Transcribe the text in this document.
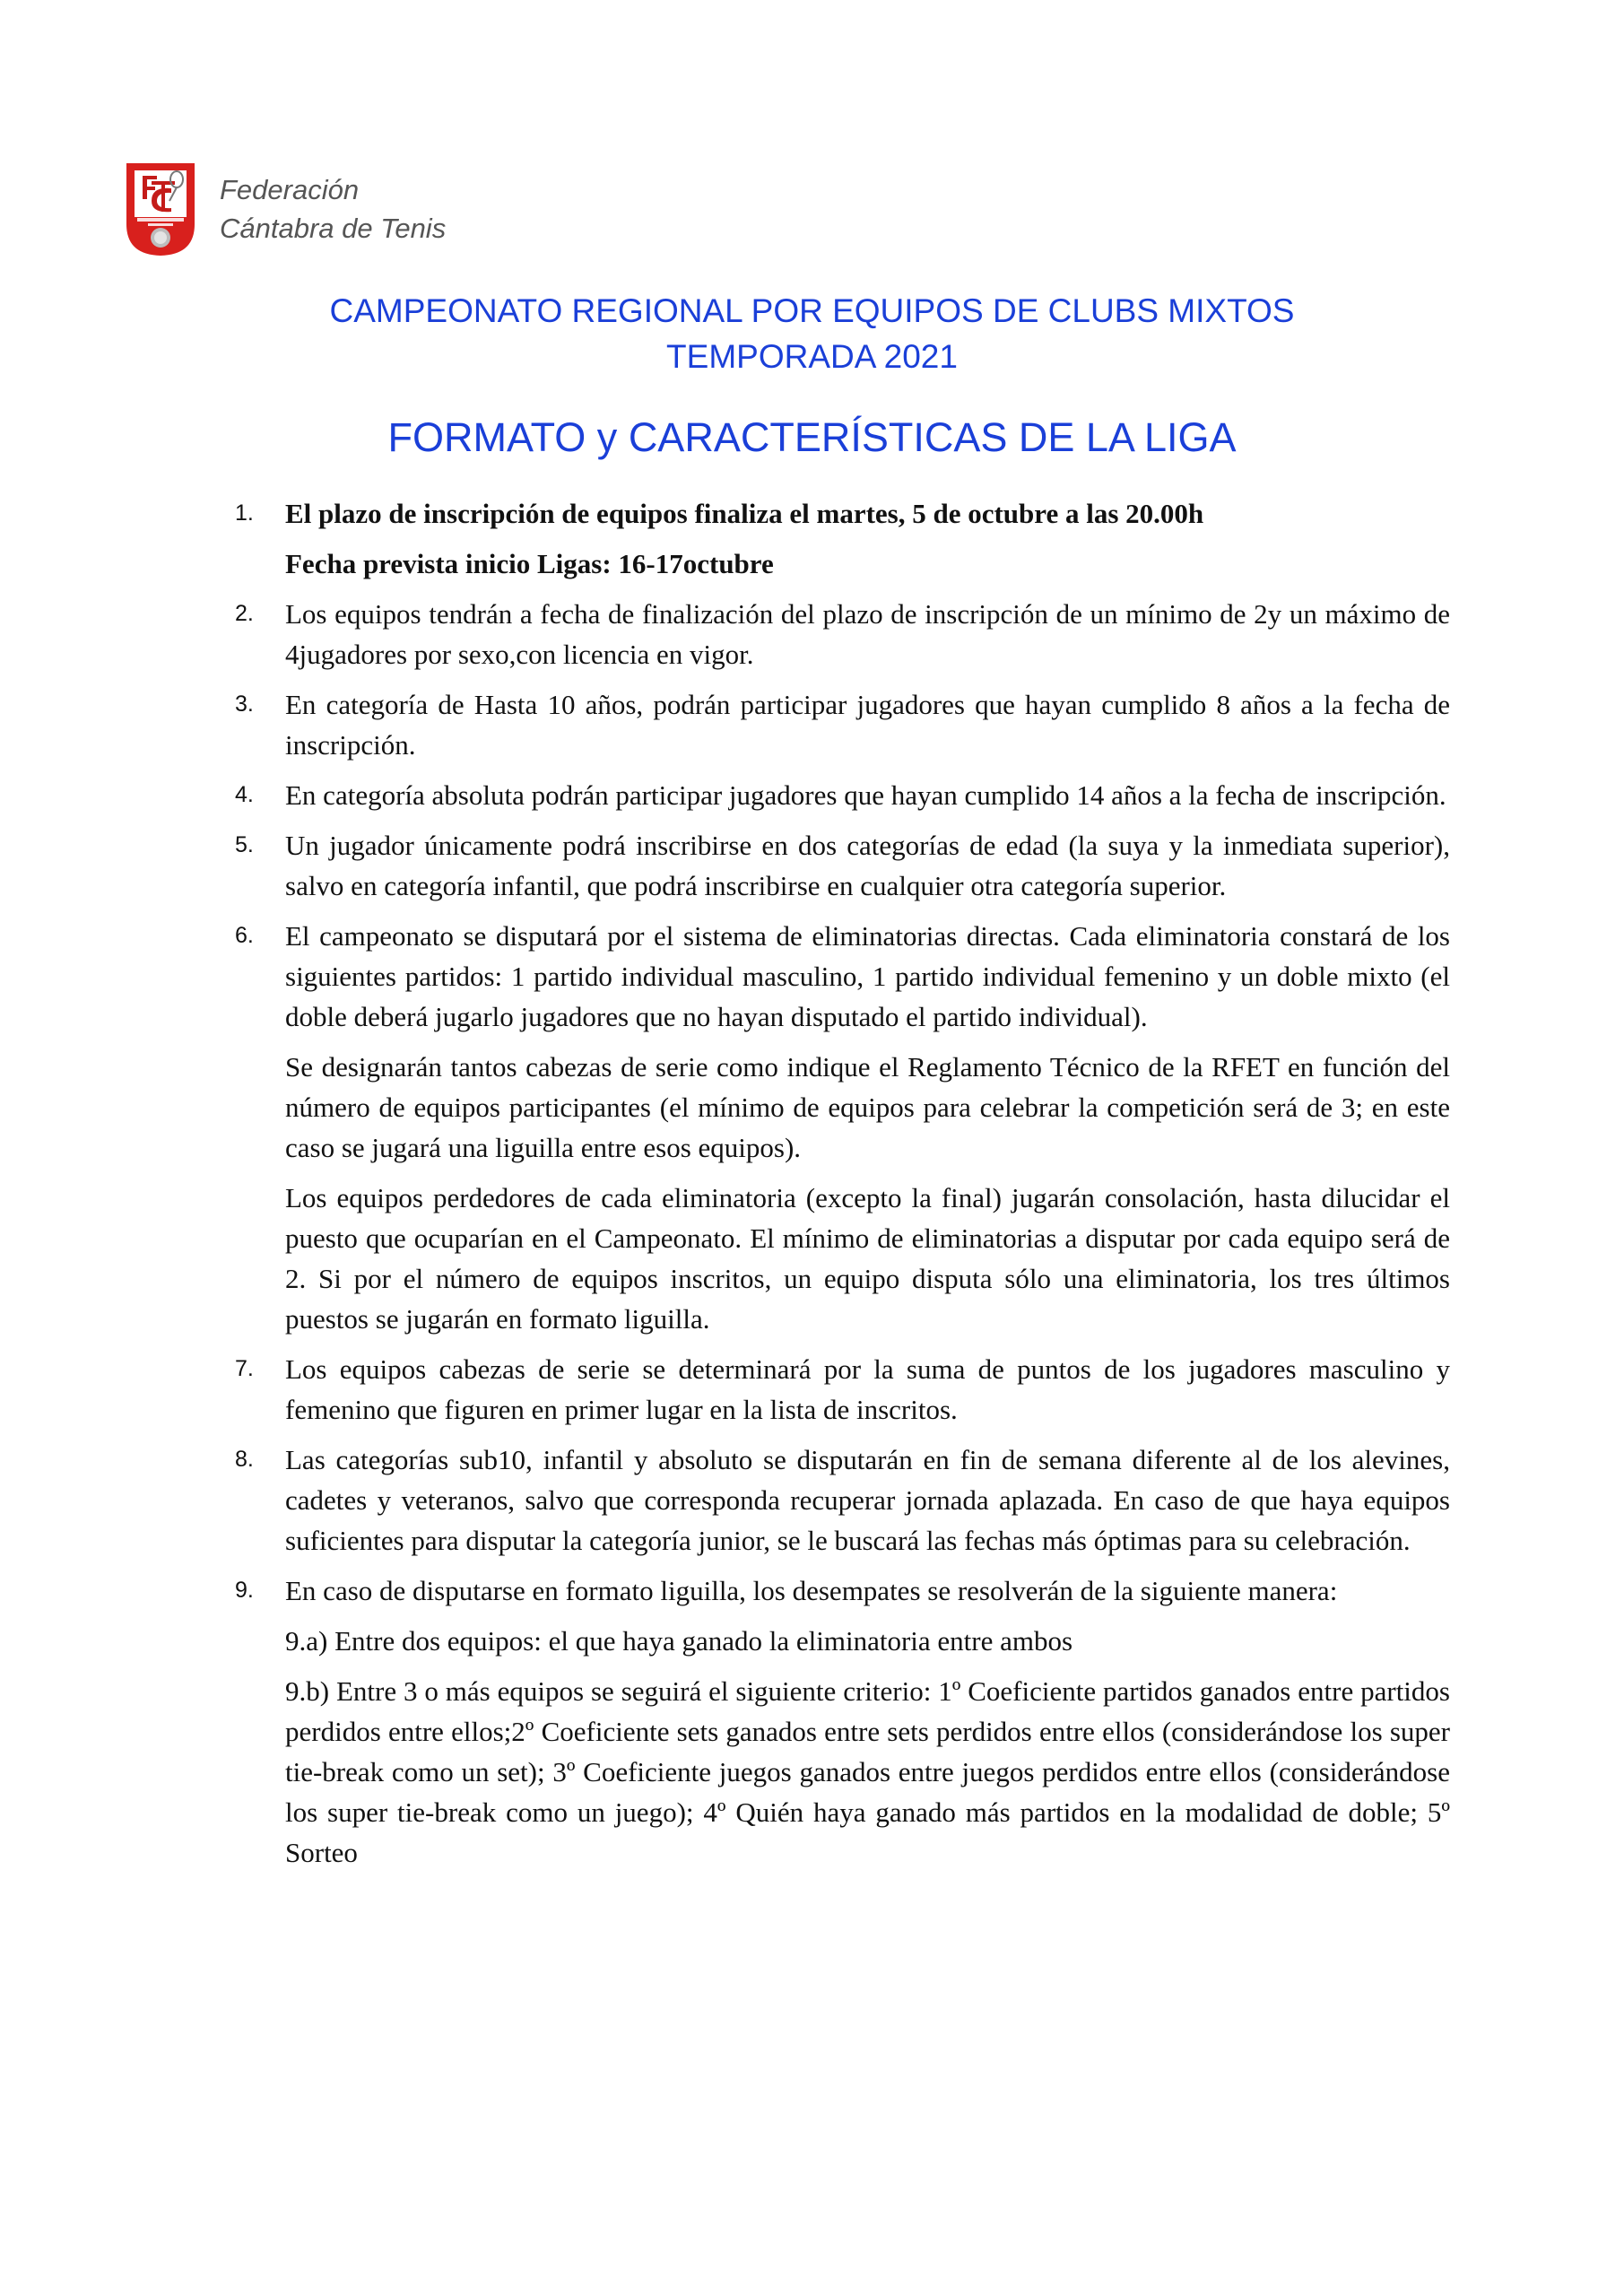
Federación
Cántabra de Tenis
CAMPEONATO REGIONAL POR EQUIPOS DE CLUBS MIXTOS
TEMPORADA 2021
FORMATO y CARACTERÍSTICAS DE LA LIGA
1. El plazo de inscripción de equipos finaliza el martes, 5 de octubre a las 20.00h

Fecha prevista inicio Ligas: 16-17octubre

2. Los equipos tendrán a fecha de finalización del plazo de inscripción de un mínimo de 2y un máximo de 4jugadores por sexo,con licencia en vigor.

3. En categoría de Hasta 10 años, podrán participar jugadores que hayan cumplido 8 años a la fecha de inscripción.

4. En categoría absoluta podrán participar jugadores que hayan cumplido 14 años a la fecha de inscripción.

5. Un jugador únicamente podrá inscribirse en dos categorías de edad (la suya y la inmediata superior), salvo en categoría infantil, que podrá inscribirse en cualquier otra categoría superior.

6. El campeonato se disputará por el sistema de eliminatorias directas. Cada eliminatoria constará de los siguientes partidos: 1 partido individual masculino, 1 partido individual femenino y un doble mixto (el doble deberá jugarlo jugadores que no hayan disputado el partido individual).

Se designarán tantos cabezas de serie como indique el Reglamento Técnico de la RFET en función del número de equipos participantes (el mínimo de equipos para celebrar la competición será de 3; en este caso se jugará una liguilla entre esos equipos).

Los equipos perdedores de cada eliminatoria (excepto la final) jugarán consolación, hasta dilucidar el puesto que ocuparían en el Campeonato. El mínimo de eliminatorias a disputar por cada equipo será de 2. Si por el número de equipos inscritos, un equipo disputa sólo una eliminatoria, los tres últimos puestos se jugarán en formato liguilla.

7. Los equipos cabezas de serie se determinará por la suma de puntos de los jugadores masculino y femenino que figuren en primer lugar en la lista de inscritos.

8. Las categorías sub10, infantil y absoluto se disputarán en fin de semana diferente al de los alevines, cadetes y veteranos, salvo que corresponda recuperar jornada aplazada. En caso de que haya equipos suficientes para disputar la categoría junior, se le buscará las fechas más óptimas para su celebración.

9. En caso de disputarse en formato liguilla, los desempates se resolverán de la siguiente manera:

9.a) Entre dos equipos: el que haya ganado la eliminatoria entre ambos

9.b) Entre 3 o más equipos se seguirá el siguiente criterio: 1º Coeficiente partidos ganados entre partidos perdidos entre ellos;2º Coeficiente sets ganados entre sets perdidos entre ellos (considerándose los super tie-break como un set); 3º Coeficiente juegos ganados entre juegos perdidos entre ellos (considerándose los super tie-break como un juego); 4º Quién haya ganado más partidos en la modalidad de doble; 5º Sorteo
